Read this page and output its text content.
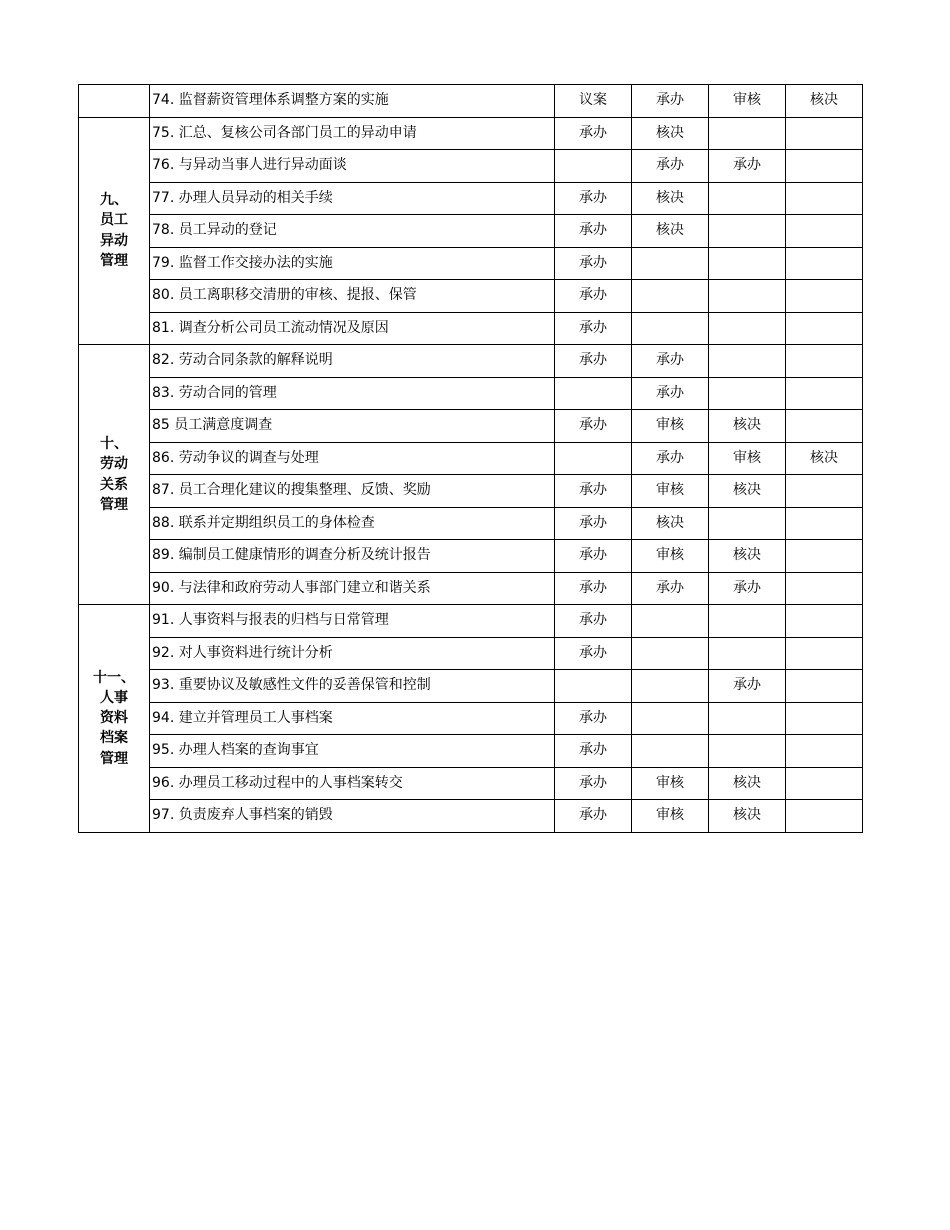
	74. 监督薪资管理体系调整方案的实施	议案	承办	审核	核决

九、
员工
异动
管理	75. 汇总、复核公司各部门员工的异动申请	承办	核决		
	76. 与异动当事人进行异动面谈		承办	承办	
	77. 办理人员异动的相关手续	承办	核决		
	78. 员工异动的登记	承办	核决		
	79. 监督工作交接办法的实施	承办			
	80. 员工离职移交清册的审核、提报、保管	承办			
	81. 调查分析公司员工流动情况及原因	承办			

十、
劳动
关系
管理	82. 劳动合同条款的解释说明	承办	承办		
	83. 劳动合同的管理		承办		
	85 员工满意度调查	承办	审核	核决	
	86. 劳动争议的调查与处理		承办	审核	核决
	87. 员工合理化建议的搜集整理、反馈、奖励	承办	审核	核决	
	88. 联系并定期组织员工的身体检查	承办	核决		
	89. 编制员工健康情形的调查分析及统计报告	承办	审核	核决	
	90. 与法律和政府劳动人事部门建立和谐关系	承办	承办	承办	

十一、
人事
资料
档案
管理	91. 人事资料与报表的归档与日常管理	承办			
	92. 对人事资料进行统计分析	承办			
	93. 重要协议及敏感性文件的妥善保管和控制			承办	
	94. 建立并管理员工人事档案	承办			
	95. 办理人档案的查询事宜	承办			
	96. 办理员工移动过程中的人事档案转交	承办	审核	核决	
	97. 负责废弃人事档案的销毁	承办	审核	核决	
